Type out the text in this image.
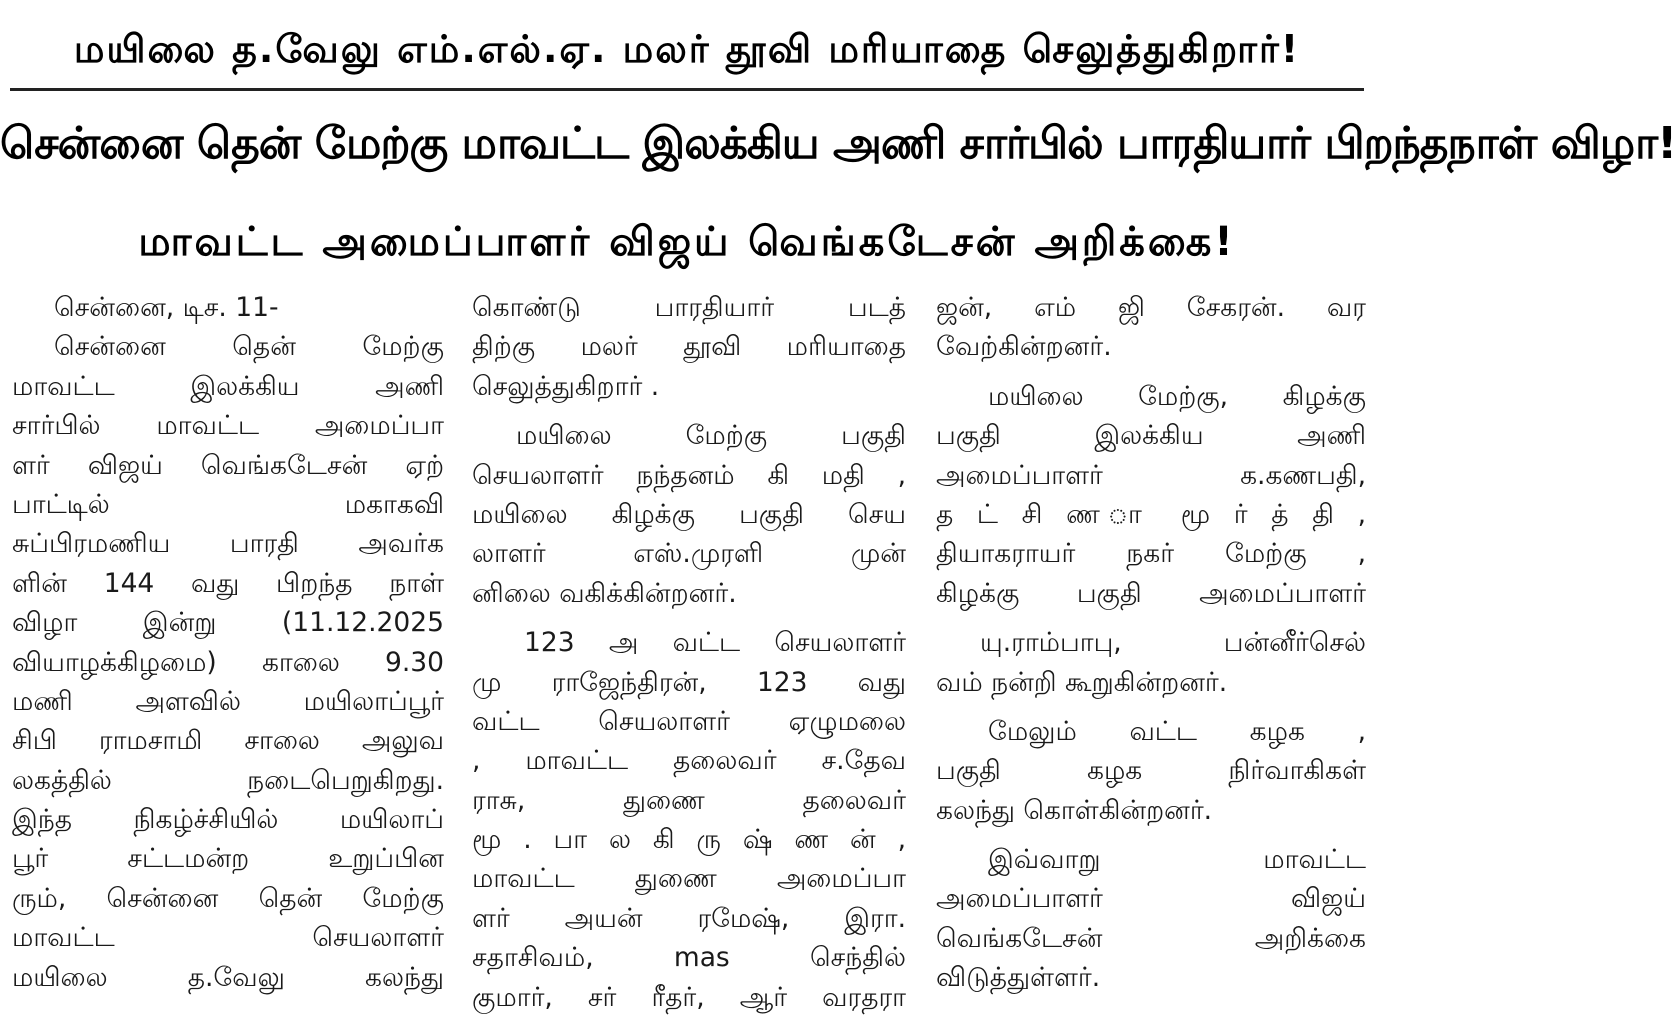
மயிலை த.வேலு எம்.எல்.ஏ. மலர் தூவி மரியாதை செலுத்துகிறார்!
சென்னை தென் மேற்கு மாவட்ட இலக்கிய அணி சார்பில் பாரதியார் பிறந்தநாள் விழா!
மாவட்ட அமைப்பாளர் விஜய் வெங்கடேசன் அறிக்கை!
சென்னை, டிச. 11-
சென்னை தென் மேற்கு
மாவட்ட இலக்கிய அணி
சார்பில் மாவட்ட அமைப்பா
ளர் விஜய் வெங்கடேசன் ஏற்
பாட்டில் மகாகவி
சுப்பிரமணிய பாரதி அவர்க
ளின் 144 வது பிறந்த நாள்
விழா இன்று (11.12.2025
வியாழக்கிழமை) காலை 9.30
மணி அளவில் மயிலாப்பூர்
சிபி ராமசாமி சாலை அலுவ
லகத்தில் நடைபெறுகிறது.
இந்த நிகழ்ச்சியில் மயிலாப்
பூர் சட்டமன்ற உறுப்பின
ரும், சென்னை தென் மேற்கு
மாவட்ட செயலாளர்
மயிலை த.வேலு கலந்து
கொண்டு பாரதியார் படத்
திற்கு மலர் தூவி மரியாதை
செலுத்துகிறார் .
மயிலை மேற்கு பகுதி
செயலாளர் நந்தனம் கி மதி ,
மயிலை கிழக்கு பகுதி செய
லாளர் எஸ்.முரளி முன்
னிலை வகிக்கின்றனர்.
123 அ வட்ட செயலாளர்
மு ராஜேந்திரன், 123 வது
வட்ட செயலாளர் ஏழுமலை
, மாவட்ட தலைவர் ச.தேவ
ராசு, துணை தலைவர்
மூ . பா ல கி ரு ஷ் ண ன் ,
மாவட்ட துணை அமைப்பா
ளர் அயன் ரமேஷ், இரா.
சதாசிவம், mas செந்தில்
குமார், சர் ரீதர், ஆர் வரதரா
ஜன், எம் ஜி சேகரன். வர
வேற்கின்றனர்.
மயிலை மேற்கு, கிழக்கு
பகுதி இலக்கிய அணி
அமைப்பாளர் க.கணபதி,
த ட் சி ண ா மூ ர் த் தி ,
தியாகராயர் நகர் மேற்கு ,
கிழக்கு பகுதி அமைப்பாளர்
யு.ராம்பாபு, பன்னீர்செல்
வம் நன்றி கூறுகின்றனர்.
மேலும் வட்ட கழக ,
பகுதி கழக நிர்வாகிகள்
கலந்து கொள்கின்றனர்.
இவ்வாறு மாவட்ட
அமைப்பாளர் விஜய்
வெங்கடேசன் அறிக்கை
விடுத்துள்ளர்.
